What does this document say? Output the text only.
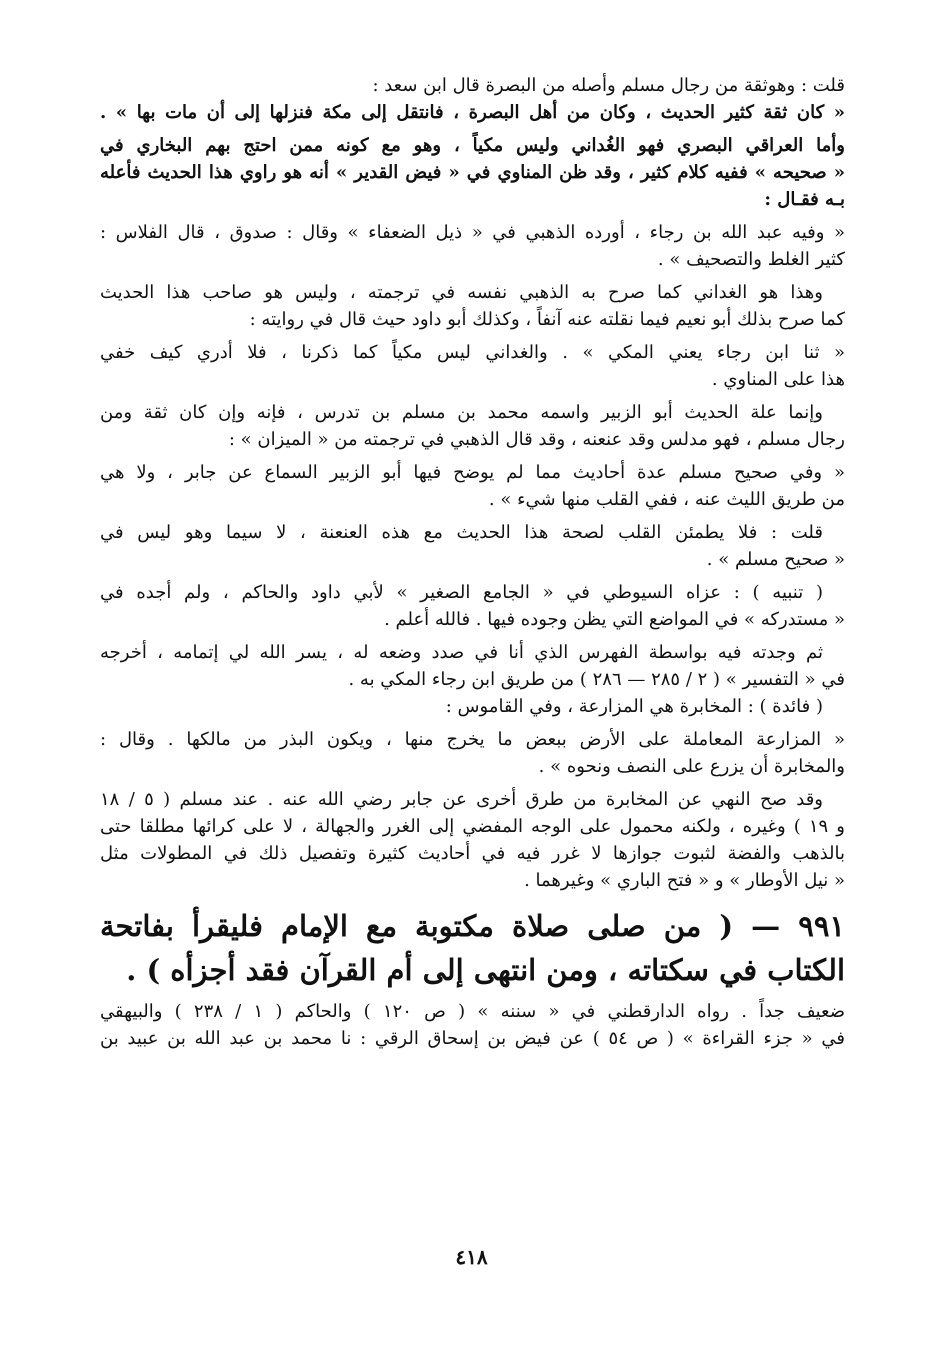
قلت : وهوثقة من رجال مسلم وأصله من البصرة قال ابن سعد :
« كان ثقة كثير الحديث ، وكان من أهل البصرة ، فانتقل إلى مكة فنزلها إلى أن مات بها » .
وأما العراقي البصري فهو الغُداني وليس مكياً ، وهو مع كونه ممن احتج بهم البخاري في
« صحيحه » ففيه كلام كثير ، وقد ظن المناوي في « فيض القدير » أنه هو راوي هذا الحديث فأعله
بـه فقـال :
« وفيه عبد الله بن رجاء ، أورده الذهبي في « ذيل الضعفاء » وقال : صدوق ، قال الفلاس :
كثير الغلط والتصحيف » .
وهذا هو الغداني كما صرح به الذهبي نفسه في ترجمته ، وليس هو صاحب هذا الحديث
كما صرح بذلك أبو نعيم فيما نقلته عنه آنفاً ، وكذلك أبو داود حيث قال في روايته :
« ثنا ابن رجاء يعني المكي » . والغداني ليس مكياً كما ذكرنا ، فلا أدري كيف خفي
هذا على المناوي .
وإنما علة الحديث أبو الزبير واسمه محمد بن مسلم بن تدرس ، فإنه وإن كان ثقة ومن
رجال مسلم ، فهو مدلس وقد عنعنه ، وقد قال الذهبي في ترجمته من « الميزان » :
« وفي صحيح مسلم عدة أحاديث مما لم يوضح فيها أبو الزبير السماع عن جابر ، ولا هي
من طريق الليث عنه ، ففي القلب منها شيء » .
قلت : فلا يطمئن القلب لصحة هذا الحديث مع هذه العنعنة ، لا سيما وهو ليس في
« صحيح مسلم » .
( تنبيه ) : عزاه السيوطي في « الجامع الصغير » لأبي داود والحاكم ، ولم أجده في
« مستدركه » في المواضع التي يظن وجوده فيها . فالله أعلم .
ثم وجدته فيه بواسطة الفهرس الذي أنا في صدد وضعه له ، يسر الله لي إتمامه ، أخرجه
في « التفسير » ( ٢ / ٢٨٥ — ٢٨٦ ) من طريق ابن رجاء المكي به .
( فائدة ) : المخابرة هي المزارعة ، وفي القاموس :
« المزارعة المعاملة على الأرض ببعض ما يخرج منها ، ويكون البذر من مالكها . وقال :
والمخابرة أن يزرع على النصف ونحوه » .
وقد صح النهي عن المخابرة من طرق أخرى عن جابر رضي الله عنه . عند مسلم ( ٥ / ١٨
و ١٩ ) وغيره ، ولكنه محمول على الوجه المفضي إلى الغرر والجهالة ، لا على كرائها مطلقا حتى
بالذهب والفضة لثبوت جوازها لا غرر فيه في أحاديث كثيرة وتفصيل ذلك في المطولات مثل
« نيل الأوطار » و « فتح الباري » وغيرهما .
٩٩١ — ( من صلى صلاة مكتوبة مع الإمام فليقرأ بفاتحة
الكتاب في سكتاته ، ومن انتهى إلى أم القرآن فقد أجزأه ) .
ضعيف جداً . رواه الدارقطني في « سننه » ( ص ١٢٠ ) والحاكم ( ١ / ٢٣٨ ) والبيهقي
في « جزء القراءة » ( ص ٥٤ ) عن فيض بن إسحاق الرقي : نا محمد بن عبد الله بن عبيد بن
٤١٨
